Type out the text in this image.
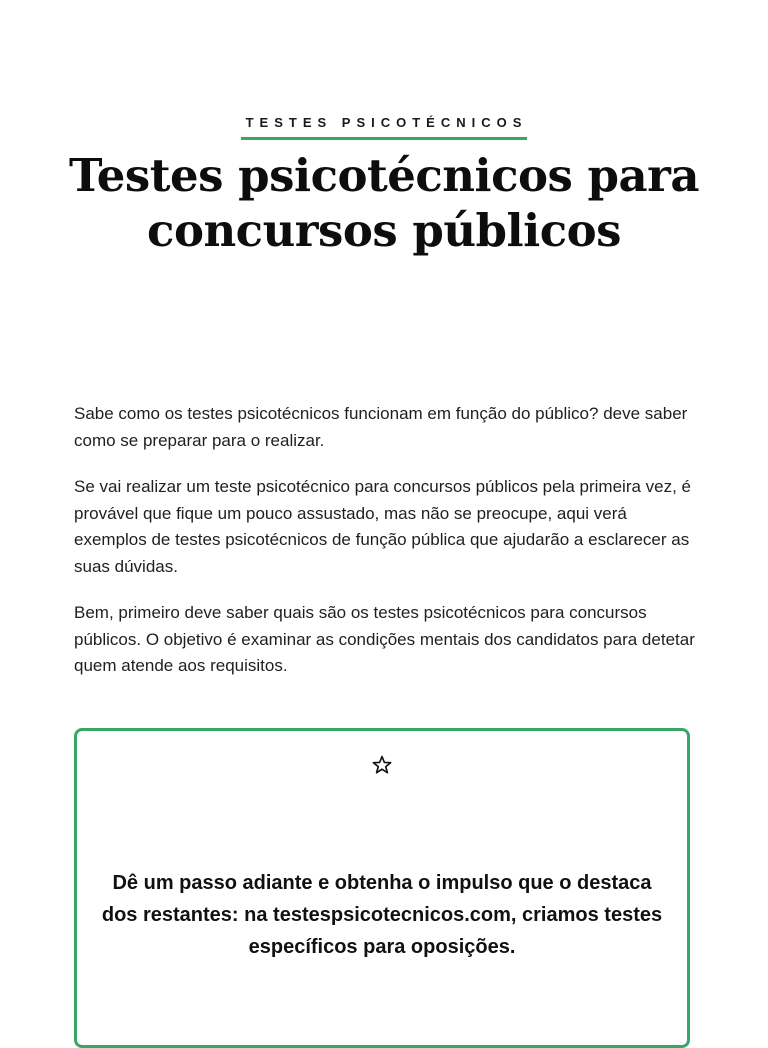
TESTES PSICOTÉCNICOS
Testes psicotécnicos para concursos públicos

Sabe como os testes psicotécnicos funcionam em função do público? deve saber como se preparar para o realizar.

Se vai realizar um teste psicotécnico para concursos públicos pela primeira vez, é provável que fique um pouco assustado, mas não se preocupe, aqui verá exemplos de testes psicotécnicos de função pública que ajudarão a esclarecer as suas dúvidas.

Bem, primeiro deve saber quais são os testes psicotécnicos para concursos públicos. O objetivo é examinar as condições mentais dos candidatos para detetar quem atende aos requisitos.

Dê um passo adiante e obtenha o impulso que o destaca dos restantes: na testespsicotecnicos.com, criamos testes específicos para oposições.
